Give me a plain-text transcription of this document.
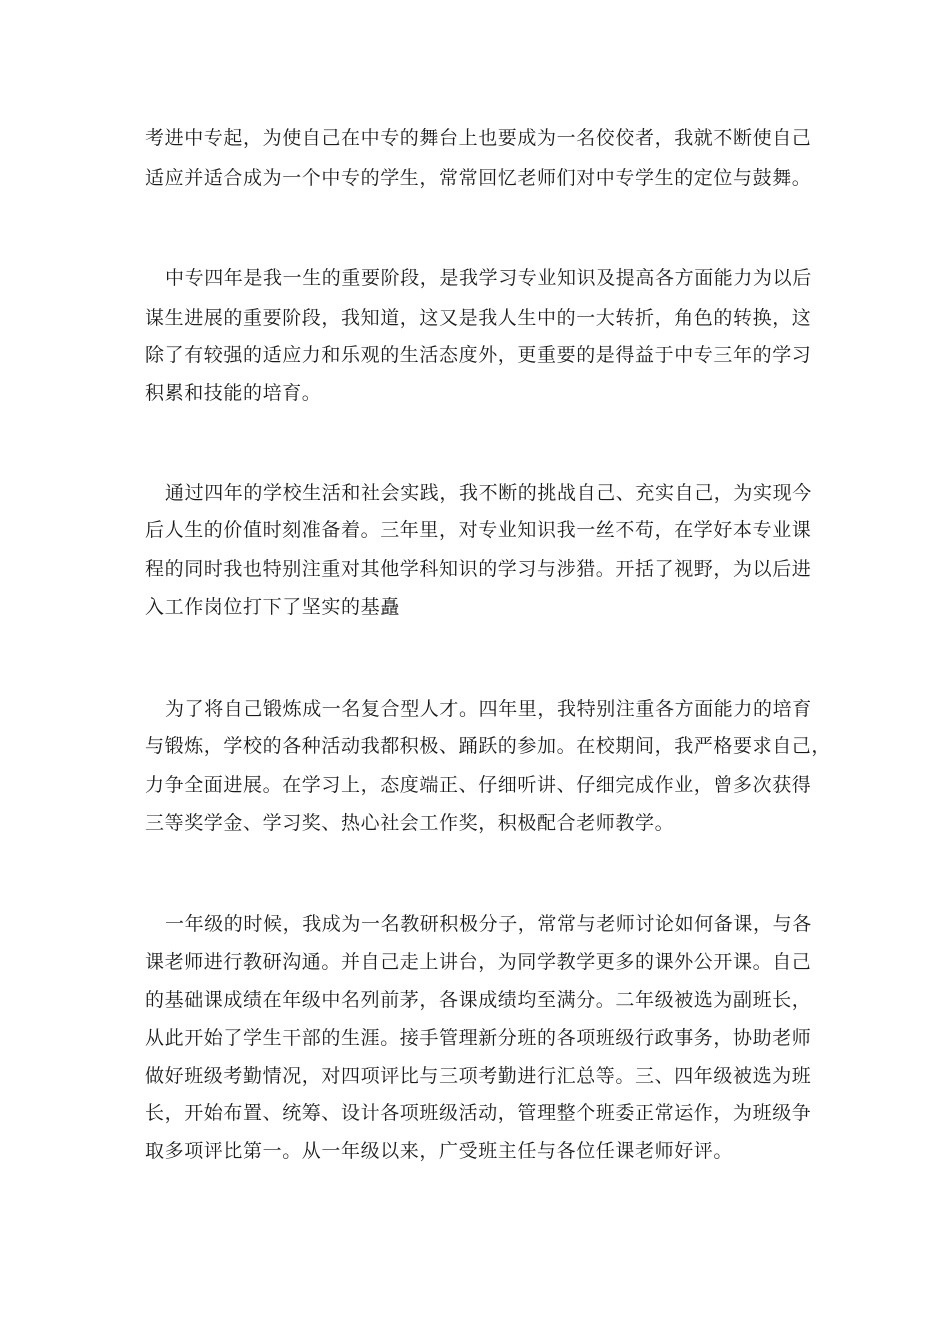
考进中专起，为使自己在中专的舞台上也要成为一名佼佼者，我就不断使自己

适应并适合成为一个中专的学生，常常回忆老师们对中专学生的定位与鼓舞。

中专四年是我一生的重要阶段，是我学习专业知识及提高各方面能力为以后

谋生进展的重要阶段，我知道，这又是我人生中的一大转折，角色的转换，这

除了有较强的适应力和乐观的生活态度外，更重要的是得益于中专三年的学习

积累和技能的培育。

通过四年的学校生活和社会实践，我不断的挑战自己、充实自己，为实现今

后人生的价值时刻准备着。三年里，对专业知识我一丝不苟，在学好本专业课

程的同时我也特别注重对其他学科知识的学习与涉猎。开括了视野，为以后进

入工作岗位打下了坚实的基矗

为了将自己锻炼成一名复合型人才。四年里，我特别注重各方面能力的培育

与锻炼，学校的各种活动我都积极、踊跃的参加。在校期间，我严格要求自己，

力争全面进展。在学习上，态度端正、仔细听讲、仔细完成作业，曾多次获得

三等奖学金、学习奖、热心社会工作奖，积极配合老师教学。

一年级的时候，我成为一名教研积极分子，常常与老师讨论如何备课，与各

课老师进行教研沟通。并自己走上讲台，为同学教学更多的课外公开课。自己

的基础课成绩在年级中名列前茅，各课成绩均至满分。二年级被选为副班长，

从此开始了学生干部的生涯。接手管理新分班的各项班级行政事务，协助老师

做好班级考勤情况，对四项评比与三项考勤进行汇总等。三、四年级被选为班

长，开始布置、统筹、设计各项班级活动，管理整个班委正常运作，为班级争

取多项评比第一。从一年级以来，广受班主任与各位任课老师好评。
